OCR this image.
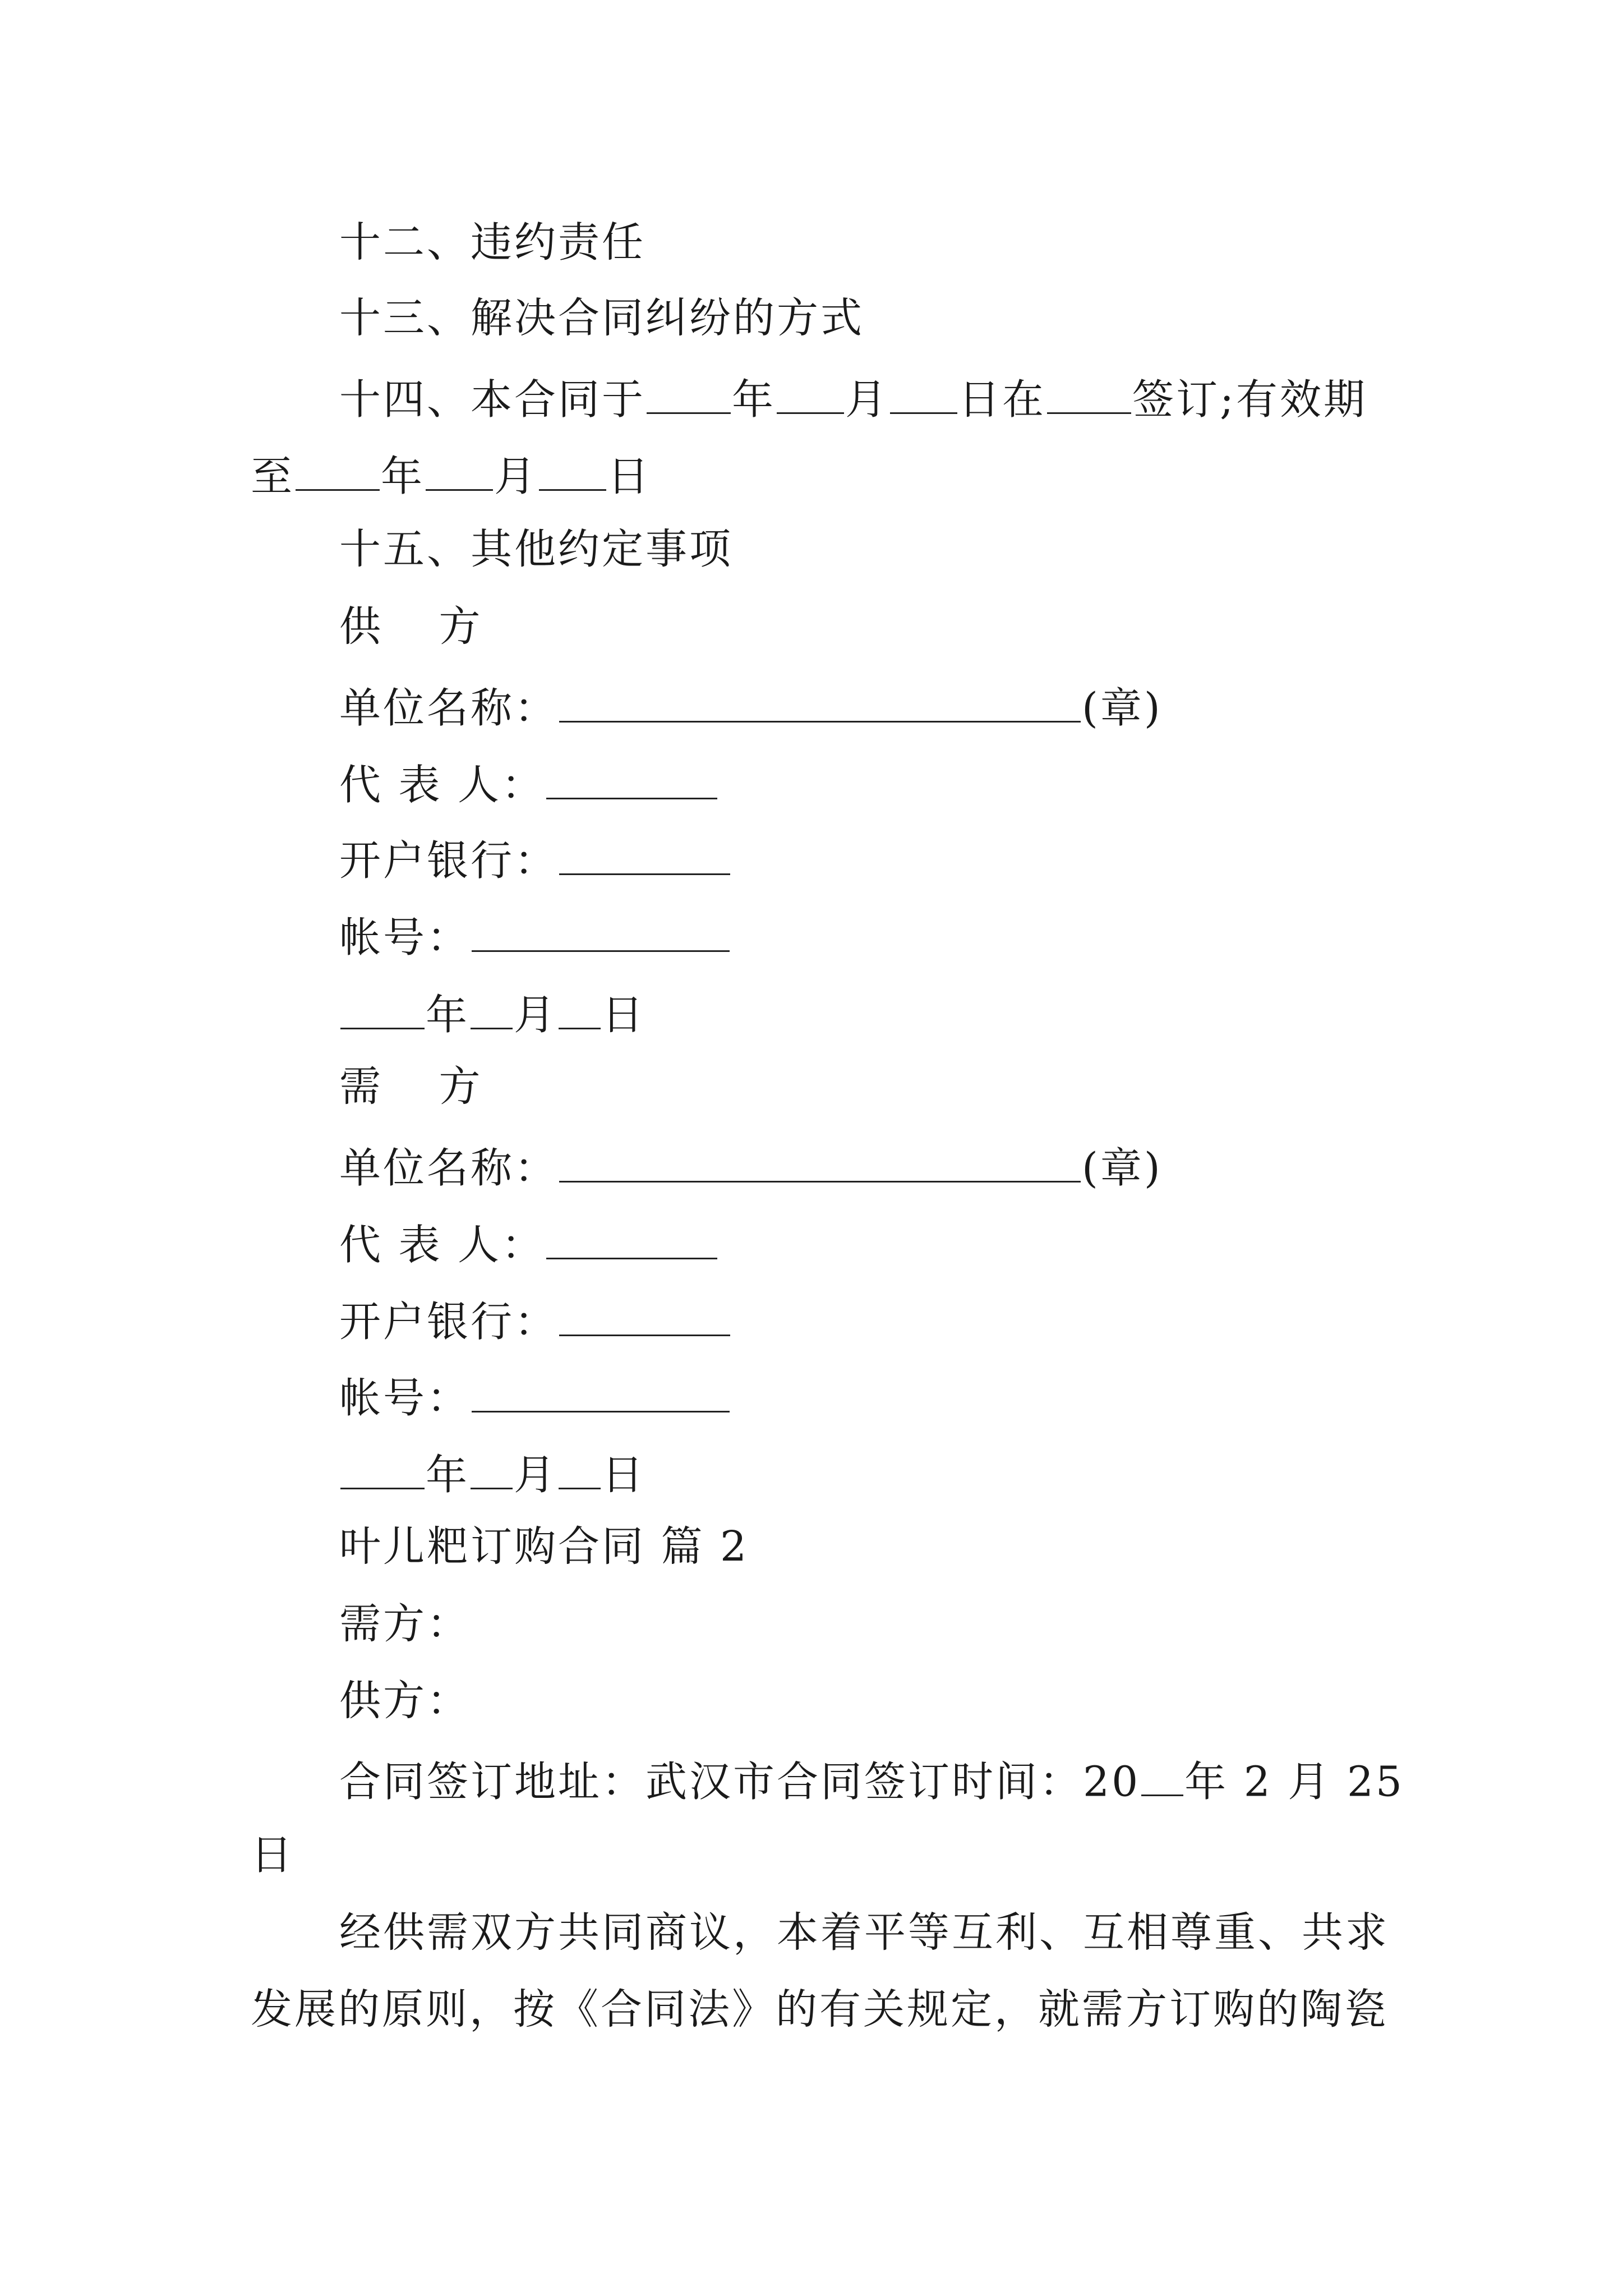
十二、违约责任
十三、解决合同纠纷的方式
十四、本合同于 年 月 日在 签订;有效期
至 年 月 日
十五、其他约定事项
供 方
单位名称：	(章)
代 表 人：
开户银行：
帐号：
年 月 日
需 方
单位名称：	(章)
代 表 人：
开户银行：
帐号：
年 月 日
叶儿粑订购合同 篇 2
需方：
供方：
合同签订地址：武汉市合同签订时间：20 年 2 月 25
日
经供需双方共同商议，本着平等互利、互相尊重、共求
发展的原则，按《合同法》的有关规定，就需方订购的陶瓷
